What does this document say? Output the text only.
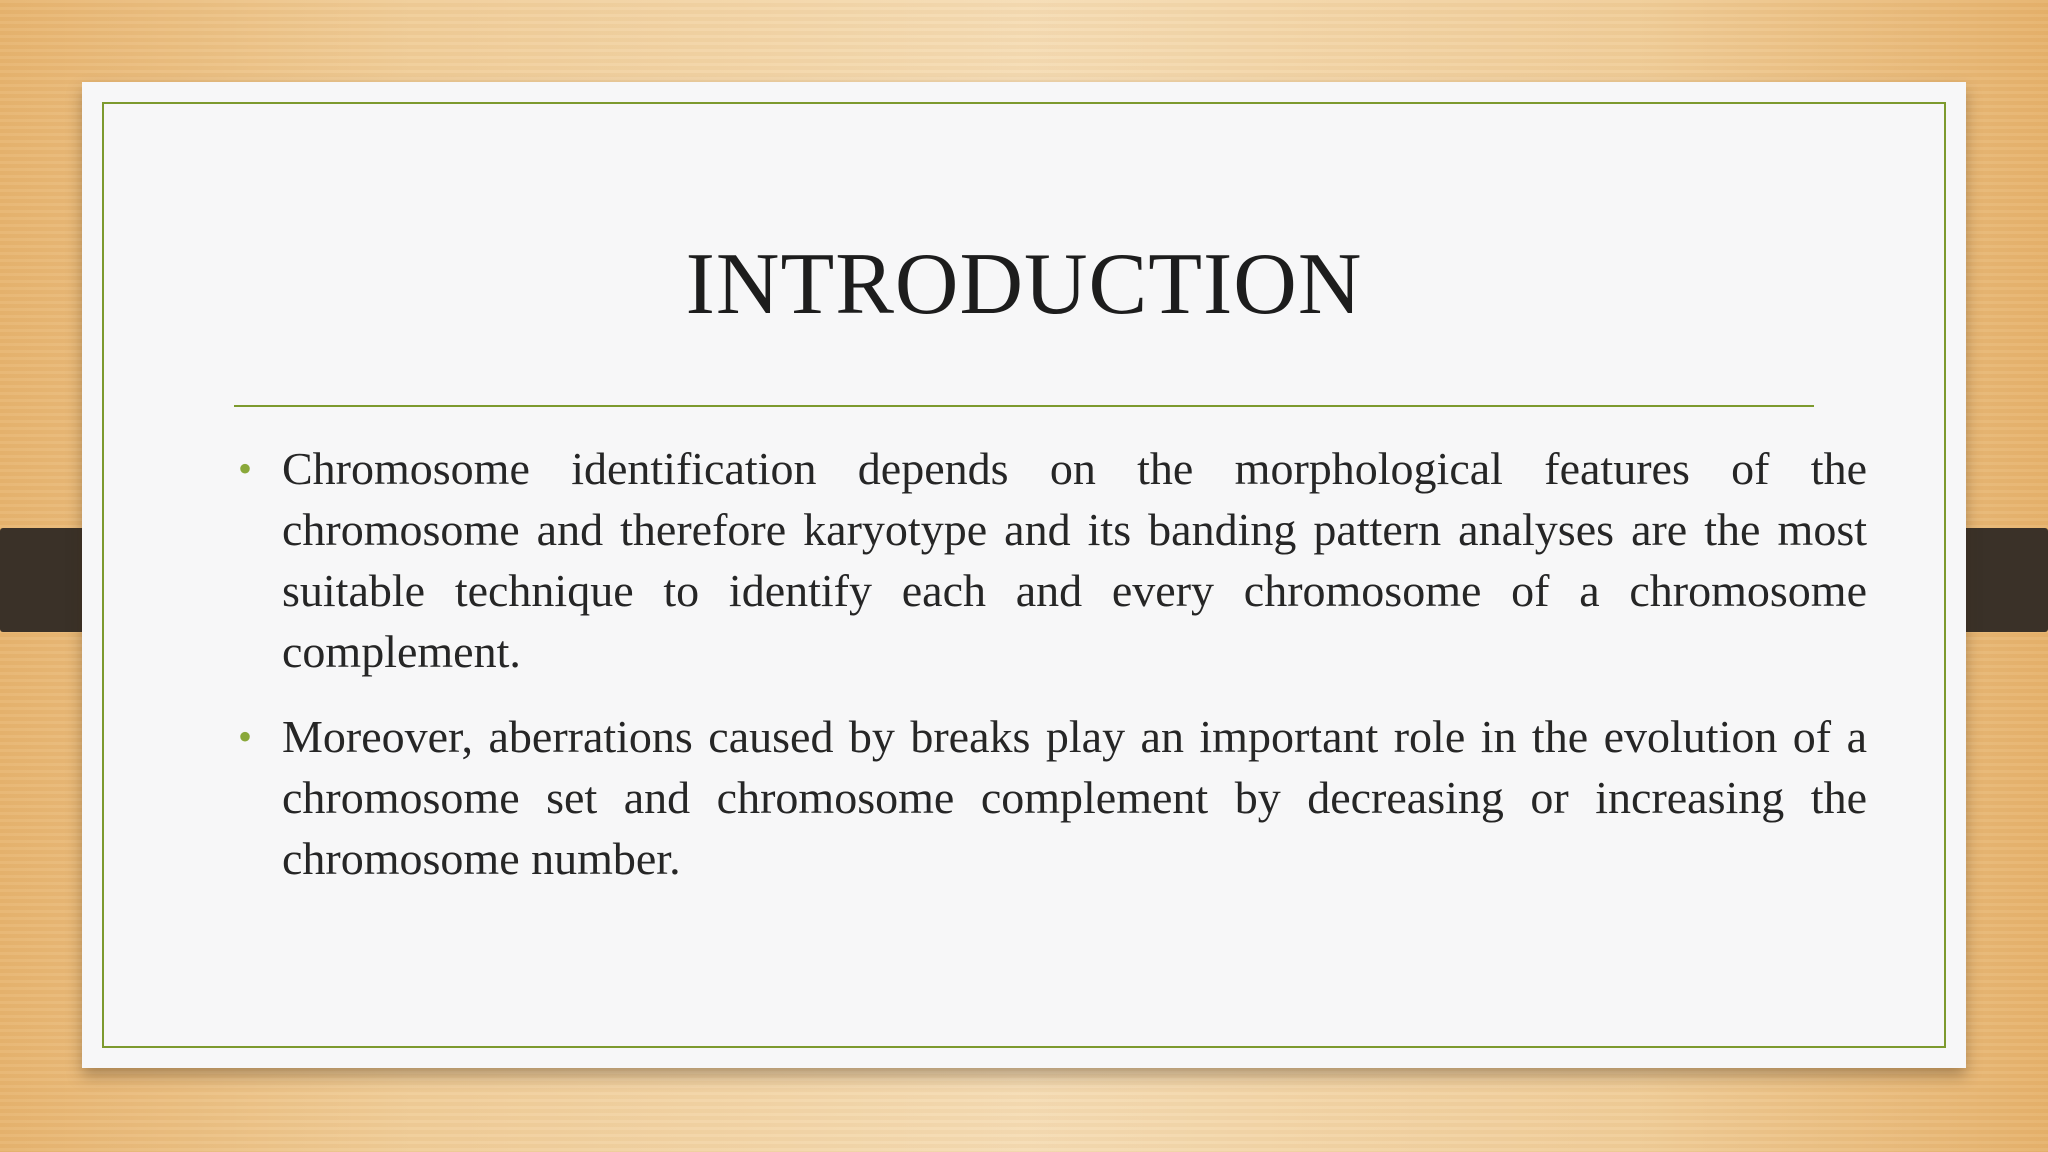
INTRODUCTION
• Chromosome identification depends on the morphological features of the chromosome and therefore karyotype and its banding pattern analyses are the most suitable technique to identify each and every chromosome of a chromosome complement.
• Moreover, aberrations caused by breaks play an important role in the evolution of a chromosome set and chromosome complement by decreasing or increasing the chromosome number.
